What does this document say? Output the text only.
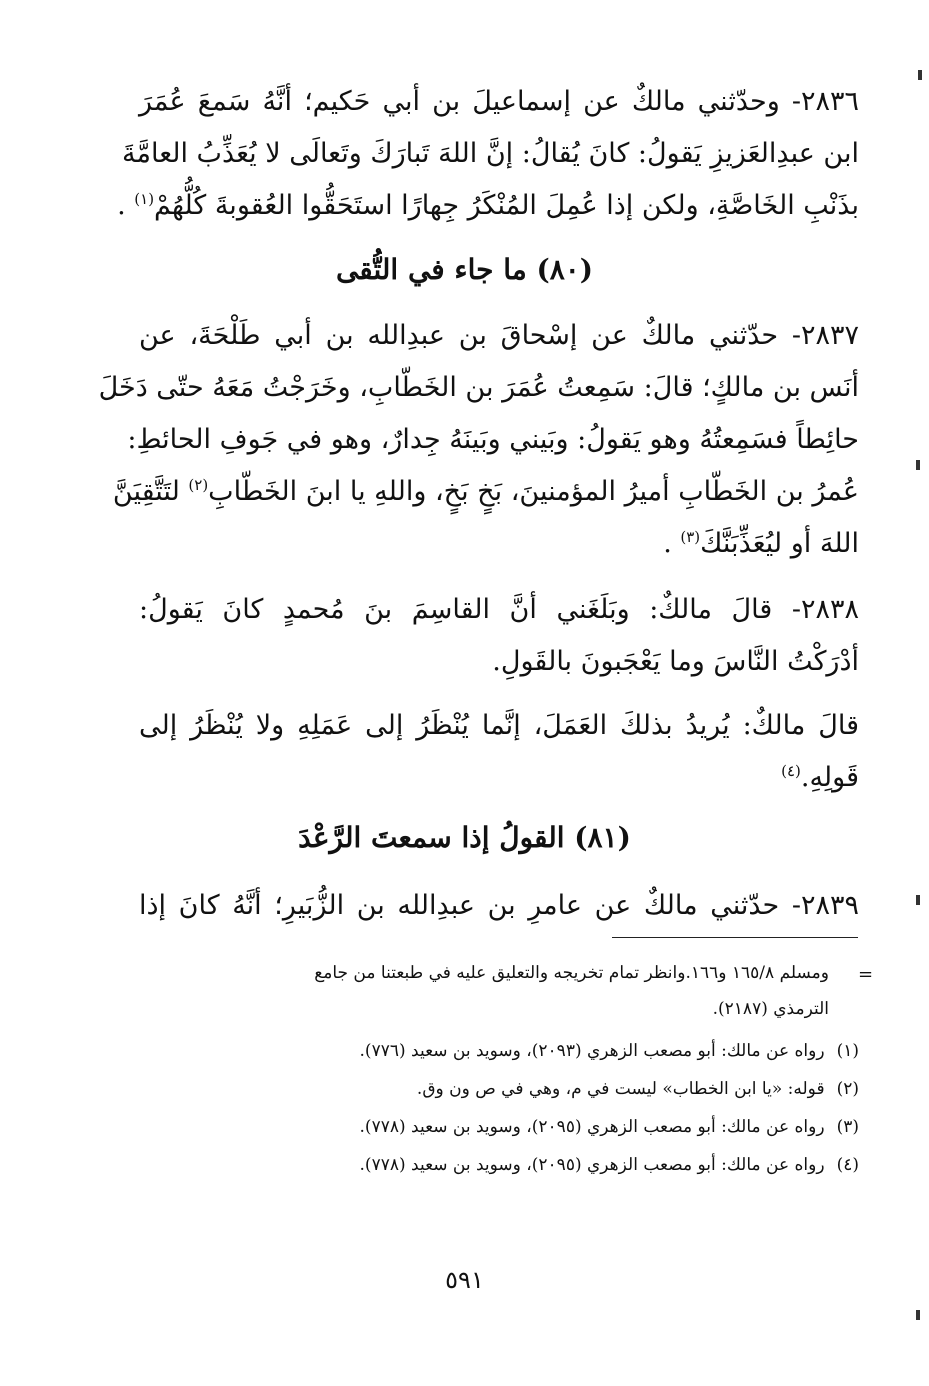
٢٨٣٦- وحدّثني مالكٌ عن إسماعيلَ بن أبي حَكيم؛ أنَّهُ سَمعَ عُمَرَ
ابن عبدِالعَزيزِ يَقولُ: كانَ يُقالُ: إنَّ اللهَ تَبارَكَ وتَعالَى لا يُعَذِّبُ العامَّةَ
بذَنْبِ الخَاصَّةِ، ولكن إذا عُمِلَ المُنْكَرُ جِهارًا استَحَقُّوا العُقوبةَ كُلُّهُمْ$^{(١)}$ .
(٨٠) ما جاء في التُّقى
٢٨٣٧- حدّثني مالكٌ عن إسْحاقَ بن عبدِالله بن أبي طَلْحَةَ، عن
أنَس بن مالكٍ؛ قالَ: سَمِعتُ عُمَرَ بن الخَطّابِ، وخَرَجْتُ مَعَهُ حتّى دَخَلَ
حائِطاً فسَمِعتُهُ وهو يَقولُ: وبَيني وبَينَهُ جِدارٌ، وهو في جَوفِ الحائطِ:
عُمرُ بن الخَطّابِ أميرُ المؤمنينَ، بَخٍ بَخٍ، واللهِ يا ابنَ الخَطّابِ$^{(٢)}$ لتَتَّقِيَنَّ
اللهَ أو ليُعَذِّبَنَّكَ$^{(٣)}$ .
٢٨٣٨- قالَ مالكٌ: وبَلَغَني أنَّ القاسِمَ بنَ مُحمدٍ كانَ يَقولُ:
أدْرَكْتُ النَّاسَ وما يَعْجَبونَ بالقَولِ.
قالَ مالكٌ: يُريدُ بذلكَ العَمَلَ، إنَّما يُنْظَرُ إلى عَمَلِهِ ولا يُنْظَرُ إلى
قَولِهِ.$^{(٤)}$
(٨١) القولُ إذا سمعتَ الرَّعْدَ
٢٨٣٩- حدّثني مالكٌ عن عامرِ بن عبدِالله بن الزُّبَيرِ؛ أنَّهُ كانَ إذا
=
ومسلم ١٦٥/٨ و١٦٦.وانظر تمام تخريجه والتعليق عليه في طبعتنا من جامع
الترمذي (٢١٨٧).
(١)رواه عن مالك: أبو مصعب الزهري (٢٠٩٣)، وسويد بن سعيد (٧٧٦).
(٢)قوله: «يا ابن الخطاب» ليست في م، وهي في ص ون وق.
(٣)رواه عن مالك: أبو مصعب الزهري (٢٠٩٥)، وسويد بن سعيد (٧٧٨).
(٤)رواه عن مالك: أبو مصعب الزهري (٢٠٩٥)، وسويد بن سعيد (٧٧٨).
٥٩١
